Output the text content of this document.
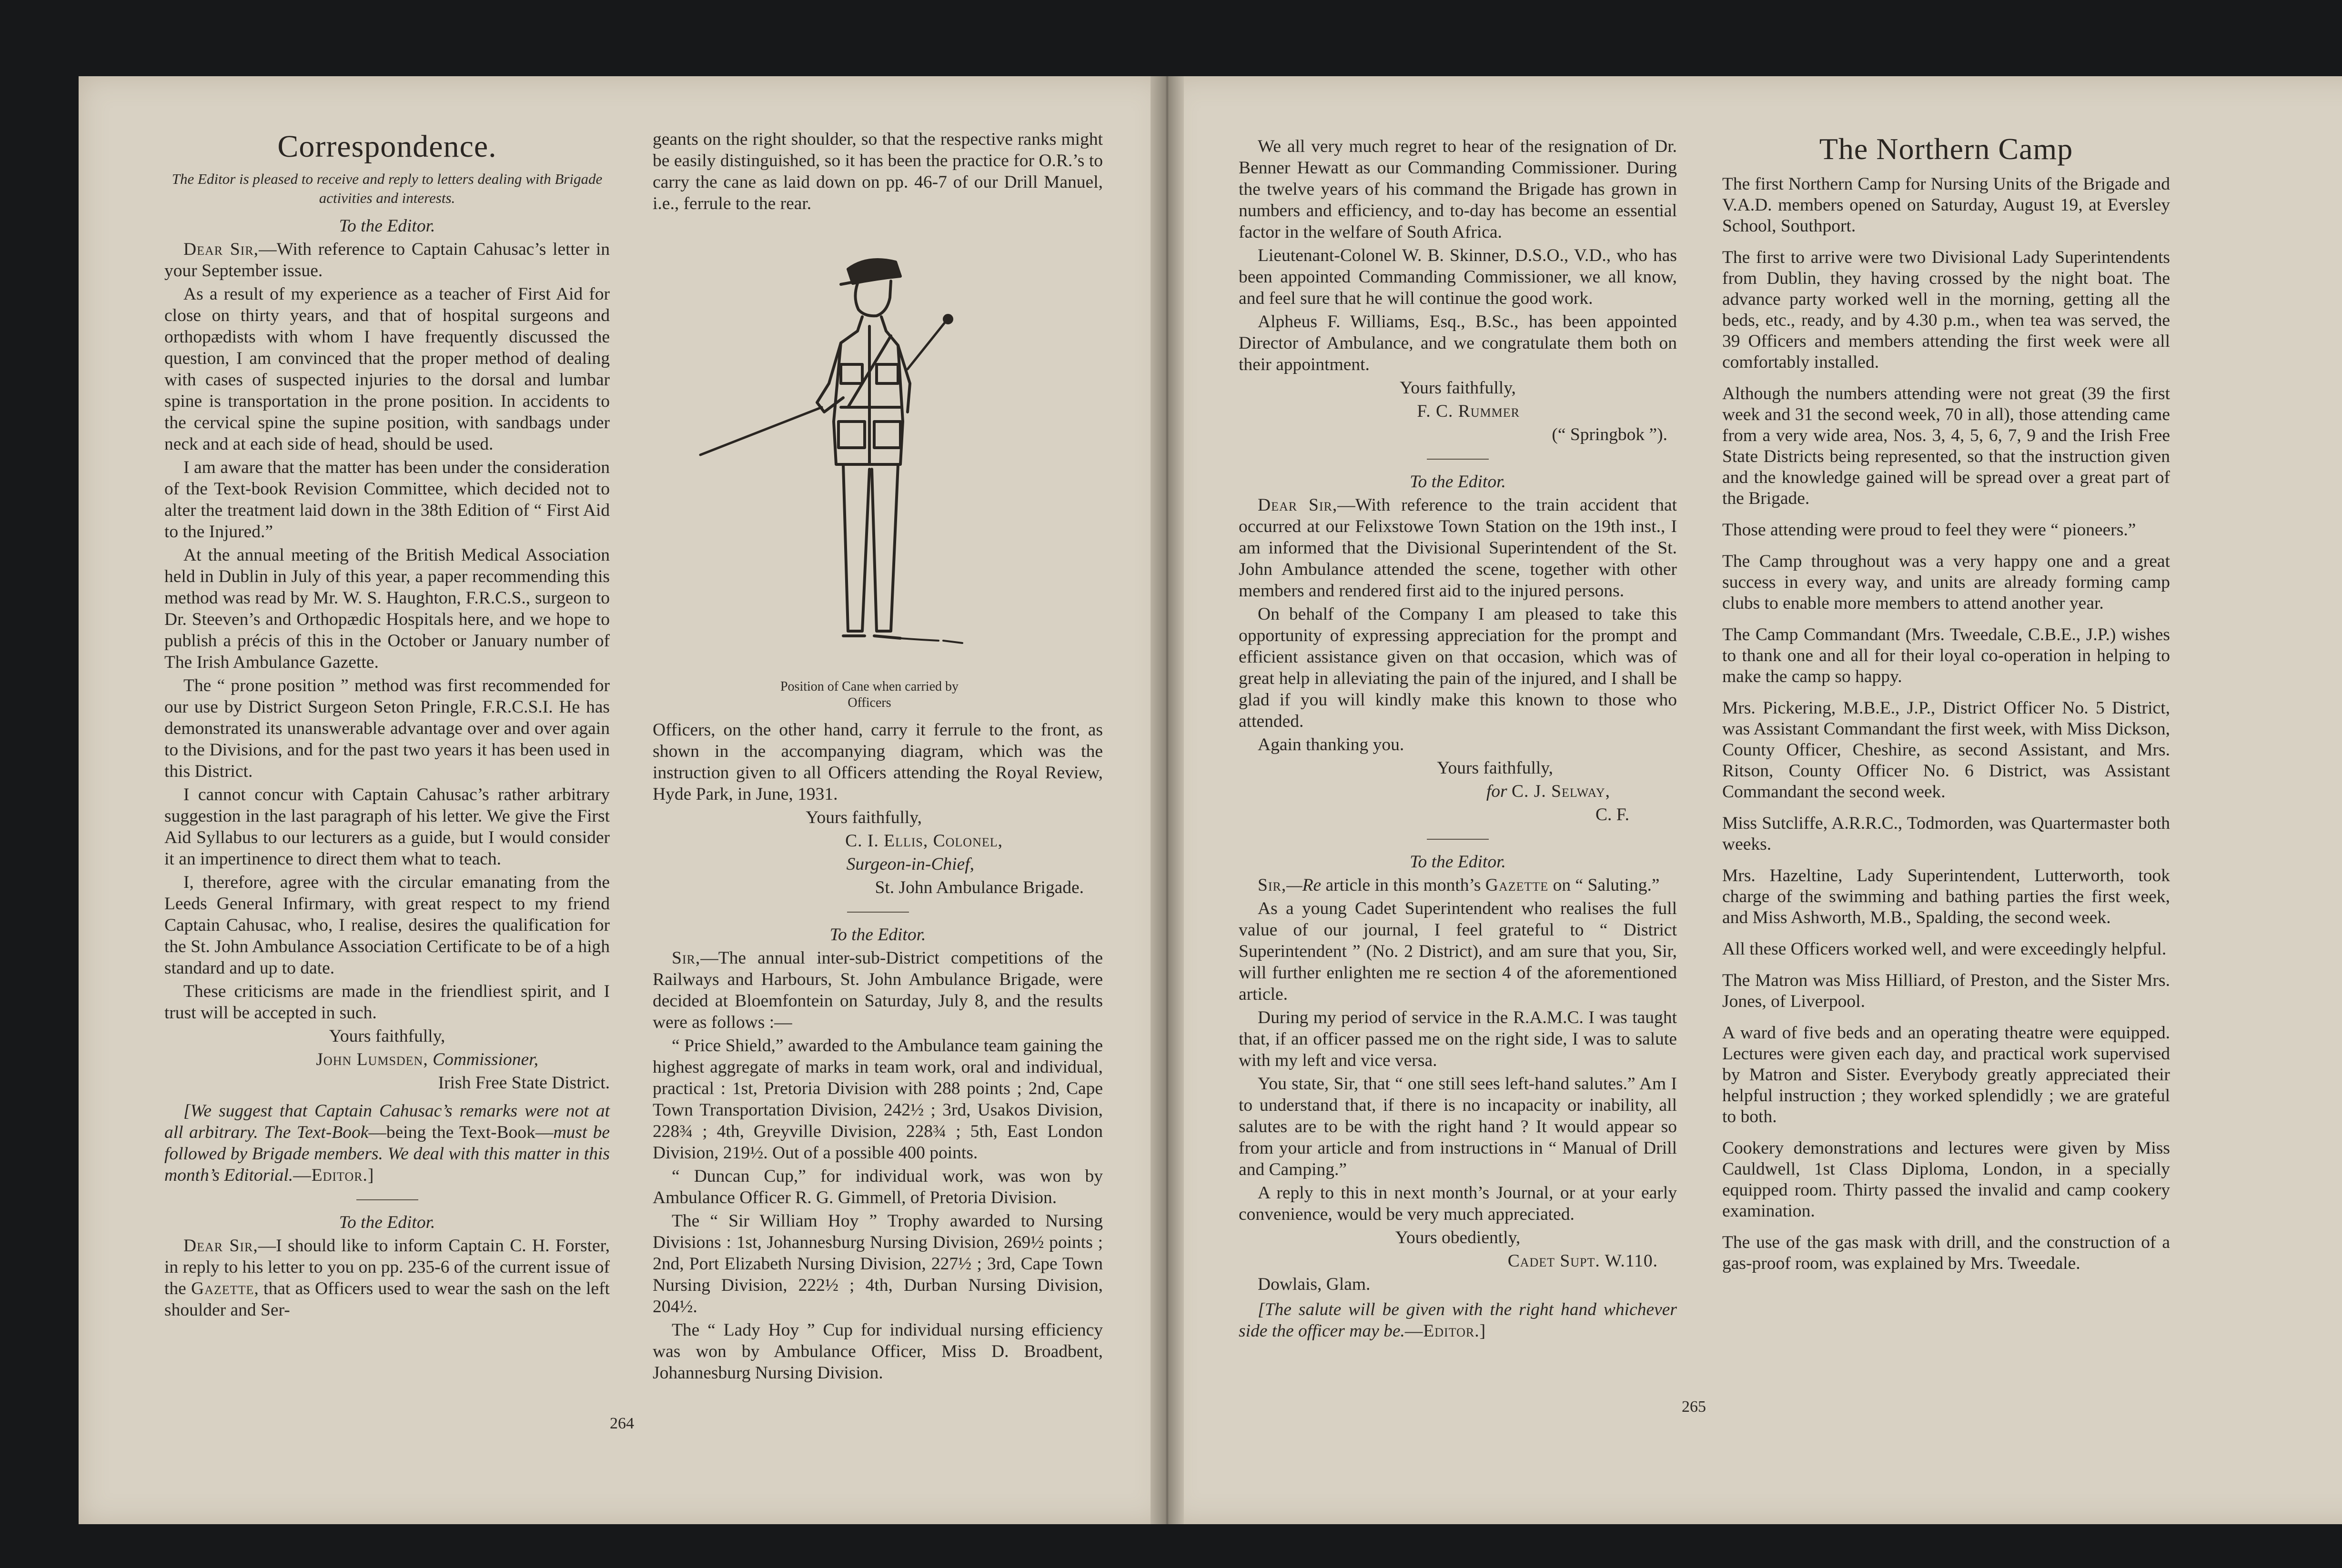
Correspondence.
The Editor is pleased to receive and reply to letters dealing with Brigade activities and interests.
To the Editor.

Dear Sir,—With reference to Captain Cahusac’s letter in your September issue.

As a result of my experience as a teacher of First Aid for close on thirty years, and that of hospital surgeons and orthopædists with whom I have frequently discussed the question, I am convinced that the proper method of dealing with cases of suspected injuries to the dorsal and lumbar spine is transportation in the prone position. In accidents to the cervical spine the supine position, with sandbags under neck and at each side of head, should be used.

I am aware that the matter has been under the consideration of the Text-book Revision Committee, which decided not to alter the treatment laid down in the 38th Edition of “ First Aid to the Injured.”

At the annual meeting of the British Medical Association held in Dublin in July of this year, a paper recommending this method was read by Mr. W. S. Haughton, F.R.C.S., surgeon to Dr. Steeven’s and Orthopædic Hospitals here, and we hope to publish a précis of this in the October or January number of The Irish Ambulance Gazette.

The “ prone position ” method was first recommended for our use by District Surgeon Seton Pringle, F.R.C.S.I. He has demonstrated its unanswerable advantage over and over again to the Divisions, and for the past two years it has been used in this District.

I cannot concur with Captain Cahusac’s rather arbitrary suggestion in the last paragraph of his letter. We give the First Aid Syllabus to our lecturers as a guide, but I would consider it an impertinence to direct them what to teach.

I, therefore, agree with the circular emanating from the Leeds General Infirmary, with great respect to my friend Captain Cahusac, who, I realise, desires the qualification for the St. John Ambulance Association Certificate to be of a high standard and up to date.

These criticisms are made in the friendliest spirit, and I trust will be accepted in such.

Yours faithfully,

John Lumsden, Commissioner,

Irish Free State District.

[We suggest that Captain Cahusac’s remarks were not at all arbitrary. The Text-Book—being the Text-Book—must be followed by Brigade members. We deal with this matter in this month’s Editorial.—Editor.]

To the Editor.

Dear Sir,—I should like to inform Captain C. H. Forster, in reply to his letter to you on pp. 235-6 of the current issue of the Gazette, that as Officers used to wear the sash on the left shoulder and Ser-

geants on the right shoulder, so that the respective ranks might be easily distinguished, so it has been the practice for O.R.’s to carry the cane as laid down on pp. 46-7 of our Drill Manuel, i.e., ferrule to the rear.

Position of Cane when carried by Officers

Officers, on the other hand, carry it ferrule to the front, as shown in the accompanying diagram, which was the instruction given to all Officers attending the Royal Review, Hyde Park, in June, 1931.

Yours faithfully,

C. I. Ellis, Colonel,

Surgeon-in-Chief,

St. John Ambulance Brigade.

To the Editor.

Sir,—The annual inter-sub-District competitions of the Railways and Harbours, St. John Ambulance Brigade, were decided at Bloemfontein on Saturday, July 8, and the results were as follows :—

“ Price Shield,” awarded to the Ambulance team gaining the highest aggregate of marks in team work, oral and individual, practical : 1st, Pretoria Division with 288 points ; 2nd, Cape Town Transportation Division, 242½ ; 3rd, Usakos Division, 228¾ ; 4th, Greyville Division, 228¾ ; 5th, East London Division, 219½. Out of a possible 400 points.

“ Duncan Cup,” for individual work, was won by Ambulance Officer R. G. Gimmell, of Pretoria Division.

The “ Sir William Hoy ” Trophy awarded to Nursing Divisions : 1st, Johannesburg Nursing Division, 269½ points ; 2nd, Port Elizabeth Nursing Division, 227½ ; 3rd, Cape Town Nursing Division, 222½ ; 4th, Durban Nursing Division, 204½.

The “ Lady Hoy ” Cup for individual nursing efficiency was won by Ambulance Officer, Miss D. Broadbent, Johannesburg Nursing Division.

264

We all very much regret to hear of the resignation of Dr. Benner Hewatt as our Commanding Commissioner. During the twelve years of his command the Brigade has grown in numbers and efficiency, and to-day has become an essential factor in the welfare of South Africa.

Lieutenant-Colonel W. B. Skinner, D.S.O., V.D., who has been appointed Commanding Commissioner, we all know, and feel sure that he will continue the good work.

Alpheus F. Williams, Esq., B.Sc., has been appointed Director of Ambulance, and we congratulate them both on their appointment.

Yours faithfully,

F. C. Rummer

(“ Springbok ”).

To the Editor.

Dear Sir,—With reference to the train accident that occurred at our Felixstowe Town Station on the 19th inst., I am informed that the Divisional Superintendent of the St. John Ambulance attended the scene, together with other members and rendered first aid to the injured persons.

On behalf of the Company I am pleased to take this opportunity of expressing appreciation for the prompt and efficient assistance given on that occasion, which was of great help in alleviating the pain of the injured, and I shall be glad if you will kindly make this known to those who attended.

Again thanking you.

Yours faithfully,

for C. J. Selway,

C. F.

To the Editor.

Sir,—Re article in this month’s Gazette on “ Saluting.”

As a young Cadet Superintendent who realises the full value of our journal, I feel grateful to “ District Superintendent ” (No. 2 District), and am sure that you, Sir, will further enlighten me re section 4 of the aforementioned article.

During my period of service in the R.A.M.C. I was taught that, if an officer passed me on the right side, I was to salute with my left and vice versa.

You state, Sir, that “ one still sees left-hand salutes.” Am I to understand that, if there is no incapacity or inability, all salutes are to be with the right hand ? It would appear so from your article and from instructions in “ Manual of Drill and Camping.”

A reply to this in next month’s Journal, or at your early convenience, would be very much appreciated.

Yours obediently,

Cadet Supt. W.110.

Dowlais, Glam.

[The salute will be given with the right hand whichever side the officer may be.—Editor.]

265
The Northern Camp

The first Northern Camp for Nursing Units of the Brigade and V.A.D. members opened on Saturday, August 19, at Eversley School, Southport.

The first to arrive were two Divisional Lady Superintendents from Dublin, they having crossed by the night boat. The advance party worked well in the morning, getting all the beds, etc., ready, and by 4.30 p.m., when tea was served, the 39 Officers and members attending the first week were all comfortably installed.

Although the numbers attending were not great (39 the first week and 31 the second week, 70 in all), those attending came from a very wide area, Nos. 3, 4, 5, 6, 7, 9 and the Irish Free State Districts being represented, so that the instruction given and the knowledge gained will be spread over a great part of the Brigade.

Those attending were proud to feel they were “ pioneers.”

The Camp throughout was a very happy one and a great success in every way, and units are already forming camp clubs to enable more members to attend another year.

The Camp Commandant (Mrs. Tweedale, C.B.E., J.P.) wishes to thank one and all for their loyal co-operation in helping to make the camp so happy.

Mrs. Pickering, M.B.E., J.P., District Officer No. 5 District, was Assistant Commandant the first week, with Miss Dickson, County Officer, Cheshire, as second Assistant, and Mrs. Ritson, County Officer No. 6 District, was Assistant Commandant the second week.

Miss Sutcliffe, A.R.R.C., Todmorden, was Quartermaster both weeks.

Mrs. Hazeltine, Lady Superintendent, Lutterworth, took charge of the swimming and bathing parties the first week, and Miss Ashworth, M.B., Spalding, the second week.

All these Officers worked well, and were exceedingly helpful.

The Matron was Miss Hilliard, of Preston, and the Sister Mrs. Jones, of Liverpool.

A ward of five beds and an operating theatre were equipped. Lectures were given each day, and practical work supervised by Matron and Sister. Everybody greatly appreciated their helpful instruction ; they worked splendidly ; we are grateful to both.

Cookery demonstrations and lectures were given by Miss Cauldwell, 1st Class Diploma, London, in a specially equipped room. Thirty passed the invalid and camp cookery examination.

The use of the gas mask with drill, and the construction of a gas-proof room, was explained by Mrs. Tweedale.
